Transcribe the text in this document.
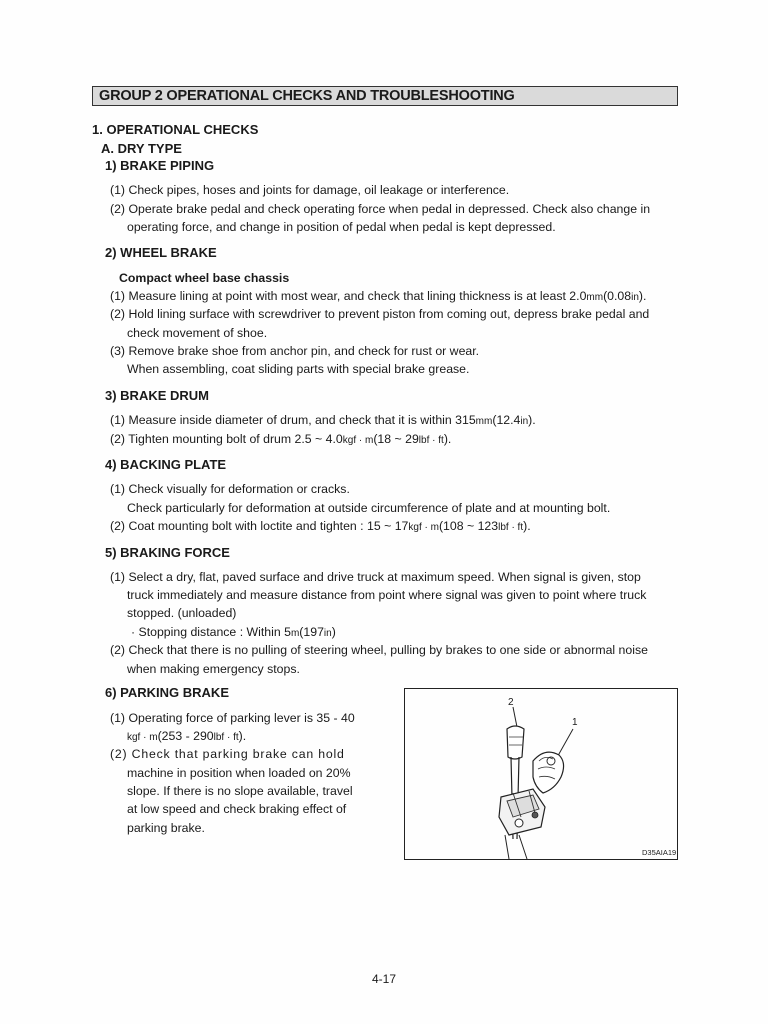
GROUP 2 OPERATIONAL CHECKS AND TROUBLESHOOTING
1. OPERATIONAL CHECKS
A. DRY TYPE
1) BRAKE PIPING
(1) Check pipes, hoses and joints for damage, oil leakage or interference.
(2) Operate brake pedal and check operating force when pedal in depressed. Check also change in
operating force, and change in position of pedal when pedal is kept depressed.
2) WHEEL BRAKE
Compact wheel base chassis
(1) Measure lining at point with most wear, and check that lining thickness is at least 2.0mm(0.08in).
(2) Hold lining surface with screwdriver to prevent piston from coming out, depress brake pedal and
check movement of shoe.
(3) Remove brake shoe from anchor pin, and check for rust or wear.
When assembling, coat sliding parts with special brake grease.
3) BRAKE DRUM
(1) Measure inside diameter of drum, and check that it is within 315mm(12.4in).
(2) Tighten mounting bolt of drum 2.5 ~ 4.0kgf · m(18 ~ 29lbf · ft).
4) BACKING PLATE
(1) Check visually for deformation or cracks.
Check particularly for deformation at outside circumference of plate and at mounting bolt.
(2) Coat mounting bolt with loctite and tighten : 15 ~ 17kgf · m(108 ~ 123lbf · ft).
5) BRAKING FORCE
(1) Select a dry, flat, paved surface and drive truck at maximum speed. When signal is given, stop
truck immediately and measure distance from point where signal was given to point where truck
stopped. (unloaded)
· Stopping distance : Within 5m(197in)
(2) Check that there is no pulling of steering wheel, pulling by brakes to one side or abnormal noise
when making emergency stops.
6) PARKING BRAKE
(1) Operating force of parking lever is 35 - 40
kgf · m(253 - 290lbf · ft).
(2) Check that parking brake can hold
machine in position when loaded on 20%
slope. If there is no slope available, travel
at low speed and check braking effect of
parking brake.
2
1
D35AIA19
4-17
